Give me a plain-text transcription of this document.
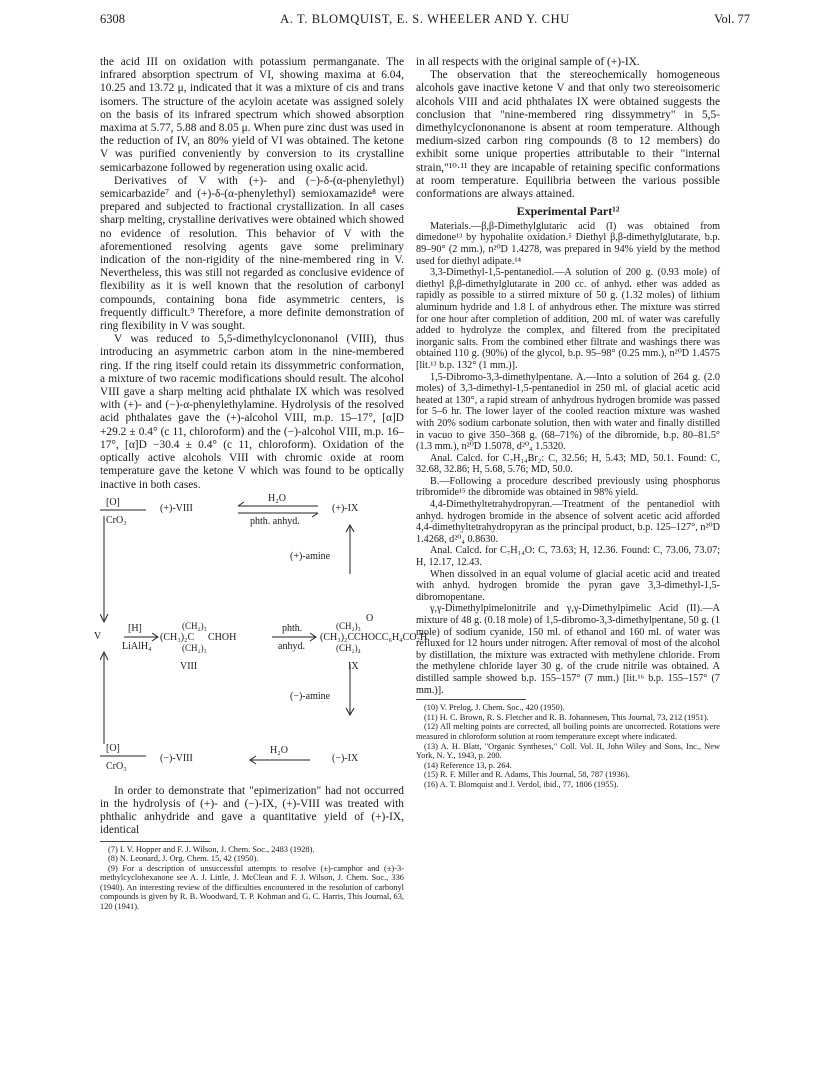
6308	A. T. BLOMQUIST, E. S. WHEELER AND Y. CHU	Vol. 77

the acid III on oxidation with potassium permanganate. The infrared absorption spectrum of VI, showing maxima at 6.04, 10.25 and 13.72 μ, indicated that it was a mixture of cis and trans isomers. The structure of the acyloin acetate was assigned solely on the basis of its infrared spectrum which showed absorption maxima at 5.77, 5.88 and 8.05 μ. When pure zinc dust was used in the reduction of IV, an 80% yield of VI was obtained. The ketone V was purified conveniently by conversion to its crystalline semicarbazone followed by regeneration using oxalic acid.

Derivatives of V with (+)- and (−)-δ-(α-phenylethyl) semicarbazide⁷ and (+)-δ-(α-phenylethyl) semioxamazide⁸ were prepared and subjected to fractional crystallization. In all cases sharp melting, crystalline derivatives were obtained which showed no evidence of resolution. This behavior of V with the aforementioned resolving agents gave some preliminary indication of the non-rigidity of the nine-membered ring in V. Nevertheless, this was still not regarded as conclusive evidence of flexibility as it is well known that the resolution of carbonyl compounds, containing bona fide asymmetric centers, is frequently difficult.⁹ Therefore, a more definite demonstration of ring flexibility in V was sought.

V was reduced to 5,5-dimethylcyclononanol (VIII), thus introducing an asymmetric carbon atom in the nine-membered ring. If the ring itself could retain its dissymmetric conformation, a mixture of two racemic modifications should result. The alcohol VIII gave a sharp melting acid phthalate IX which was resolved with (+)- and (−)-α-phenylethylamine. Hydrolysis of the resolved acid phthalates gave the (+)-alcohol VIII, m.p. 15–17°, [α]D +29.2 ± 0.4° (c 11, chloroform) and the (−)-alcohol VIII, m.p. 16–17°, [α]D −30.4 ± 0.4° (c 11, chloroform). Oxidation of the optically active alcohols VIII with chromic oxide at room temperature gave the ketone V which was found to be optically inactive in both cases.

[O]
CrO₃
(+)-VIII
H₂O
phth. anhyd.
(+)-IX
(+)-amine
V
[H]
LiAlH₄
(CH₂)₃
(CH₃)₂C CHOH
(CH₂)₃
VIII
phth.
anhyd.
(CH₂)₃
(CH₃)₂C
O
CHOCC₆H₄CO₂H
(CH₂)₄
IX
(−)-amine
[O]
CrO₃
(−)-VIII
H₂O
(−)-IX

In order to demonstrate that "epimerization" had not occurred in the hydrolysis of (+)- and (−)-IX, (+)-VIII was treated with phthalic anhydride and gave a quantitative yield of (+)-IX, identical

(7) I. V. Hopper and F. J. Wilson, J. Chem. Soc., 2483 (1928).

(8) N. Leonard, J. Org. Chem. 15, 42 (1950).

(9) For a description of unsuccessful attempts to resolve (±)-camphor and (±)-3-methylcyclohexanone see A. J. Little, J. McClean and F. J. Wilson, J. Chem. Soc., 336 (1940). An interesting review of the difficulties encountered in the resolution of carbonyl compounds is given by R. B. Woodward, T. P. Kohman and G. C. Harris, This Journal, 63, 120 (1941).

in all respects with the original sample of (+)-IX.

The observation that the stereochemically homogeneous alcohols gave inactive ketone V and that only two stereoisomeric alcohols VIII and acid phthalates IX were obtained suggests the conclusion that "nine-membered ring dissymmetry" in 5,5-dimethylcyclononanone is absent at room temperature. Although medium-sized carbon ring compounds (8 to 12 members) do exhibit some unique properties attributable to their "internal strain,"¹⁰·¹¹ they are incapable of retaining specific conformations at room temperature. Equilibria between the various possible conformations are always attained.

Experimental Part¹²

Materials.—β,β-Dimethylglutaric acid (I) was obtained from dimedone¹³ by hypohalite oxidation.⁵ Diethyl β,β-dimethylglutarate, b.p. 89–90° (2 mm.), n²⁰D 1.4278, was prepared in 94% yield by the method used for diethyl adipate.¹⁴

3,3-Dimethyl-1,5-pentanediol.—A solution of 200 g. (0.93 mole) of diethyl β,β-dimethylglutarate in 200 cc. of anhyd. ether was added as rapidly as possible to a stirred mixture of 50 g. (1.32 moles) of lithium aluminum hydride and 1.8 l. of anhydrous ether. The mixture was stirred for one hour after completion of addition, 200 ml. of water was carefully added to hydrolyze the complex, and filtered from the precipitated inorganic salts. From the combined ether filtrate and washings there was obtained 110 g. (90%) of the glycol, b.p. 95–98° (0.25 mm.), n²⁰D 1.4575 [lit.¹³ b.p. 132° (1 mm.)].

1,5-Dibromo-3,3-dimethylpentane. A.—Into a solution of 264 g. (2.0 moles) of 3,3-dimethyl-1,5-pentanediol in 250 ml. of glacial acetic acid heated at 130°, a rapid stream of anhydrous hydrogen bromide was passed for 5–6 hr. The lower layer of the cooled reaction mixture was washed with 20% sodium carbonate solution, then with water and finally distilled in vacuo to give 350–368 g. (68–71%) of the dibromide, b.p. 80–81.5° (1.3 mm.), n²⁰D 1.5078, d²⁰₄ 1.5320.

Anal. Calcd. for C₇H₁₄Br₂: C, 32.56; H, 5.43; MD, 50.1. Found: C, 32.68, 32.86; H, 5.68, 5.76; MD, 50.0.

B.—Following a procedure described previously using phosphorus tribromide¹⁵ the dibromide was obtained in 98% yield.

4,4-Dimethyltetrahydropyran.—Treatment of the pentanediol with anhyd. hydrogen bromide in the absence of solvent acetic acid afforded 4,4-dimethyltetrahydropyran as the principal product, b.p. 125–127°, n²⁰D 1.4268, d²⁰₄ 0.8630.

Anal. Calcd. for C₇H₁₄O: C, 73.63; H, 12.36. Found: C, 73.06, 73.07; H, 12.17, 12.43.

When dissolved in an equal volume of glacial acetic acid and treated with anhyd. hydrogen bromide the pyran gave 3,3-dimethyl-1,5-dibromopentane.

γ,γ-Dimethylpimelonitrile and γ,γ-Dimethylpimelic Acid (II).—A mixture of 48 g. (0.18 mole) of 1,5-dibromo-3,3-dimethylpentane, 50 g. (1 mole) of sodium cyanide, 150 ml. of ethanol and 160 ml. of water was refluxed for 12 hours under nitrogen. After removal of most of the alcohol by distillation, the mixture was extracted with methylene chloride. From the methylene chloride layer 30 g. of the crude nitrile was obtained. A distilled sample showed b.p. 155–157° (7 mm.) [lit.¹⁶ b.p. 155–157° (7 mm.)].

(10) V. Prelog, J. Chem. Soc., 420 (1950).

(11) H. C. Brown, R. S. Fletcher and R. B. Johannesen, This Journal, 73, 212 (1951).

(12) All melting points are corrected, all boiling points are uncorrected. Rotations were measured in chloroform solution at room temperature except where indicated.

(13) A. H. Blatt, "Organic Syntheses," Coll. Vol. II, John Wiley and Sons, Inc., New York, N. Y., 1943, p. 200.

(14) Reference 13, p. 264.

(15) R. F. Miller and R. Adams, This Journal, 58, 787 (1936).

(16) A. T. Blomquist and J. Verdol, ibid., 77, 1806 (1955).
